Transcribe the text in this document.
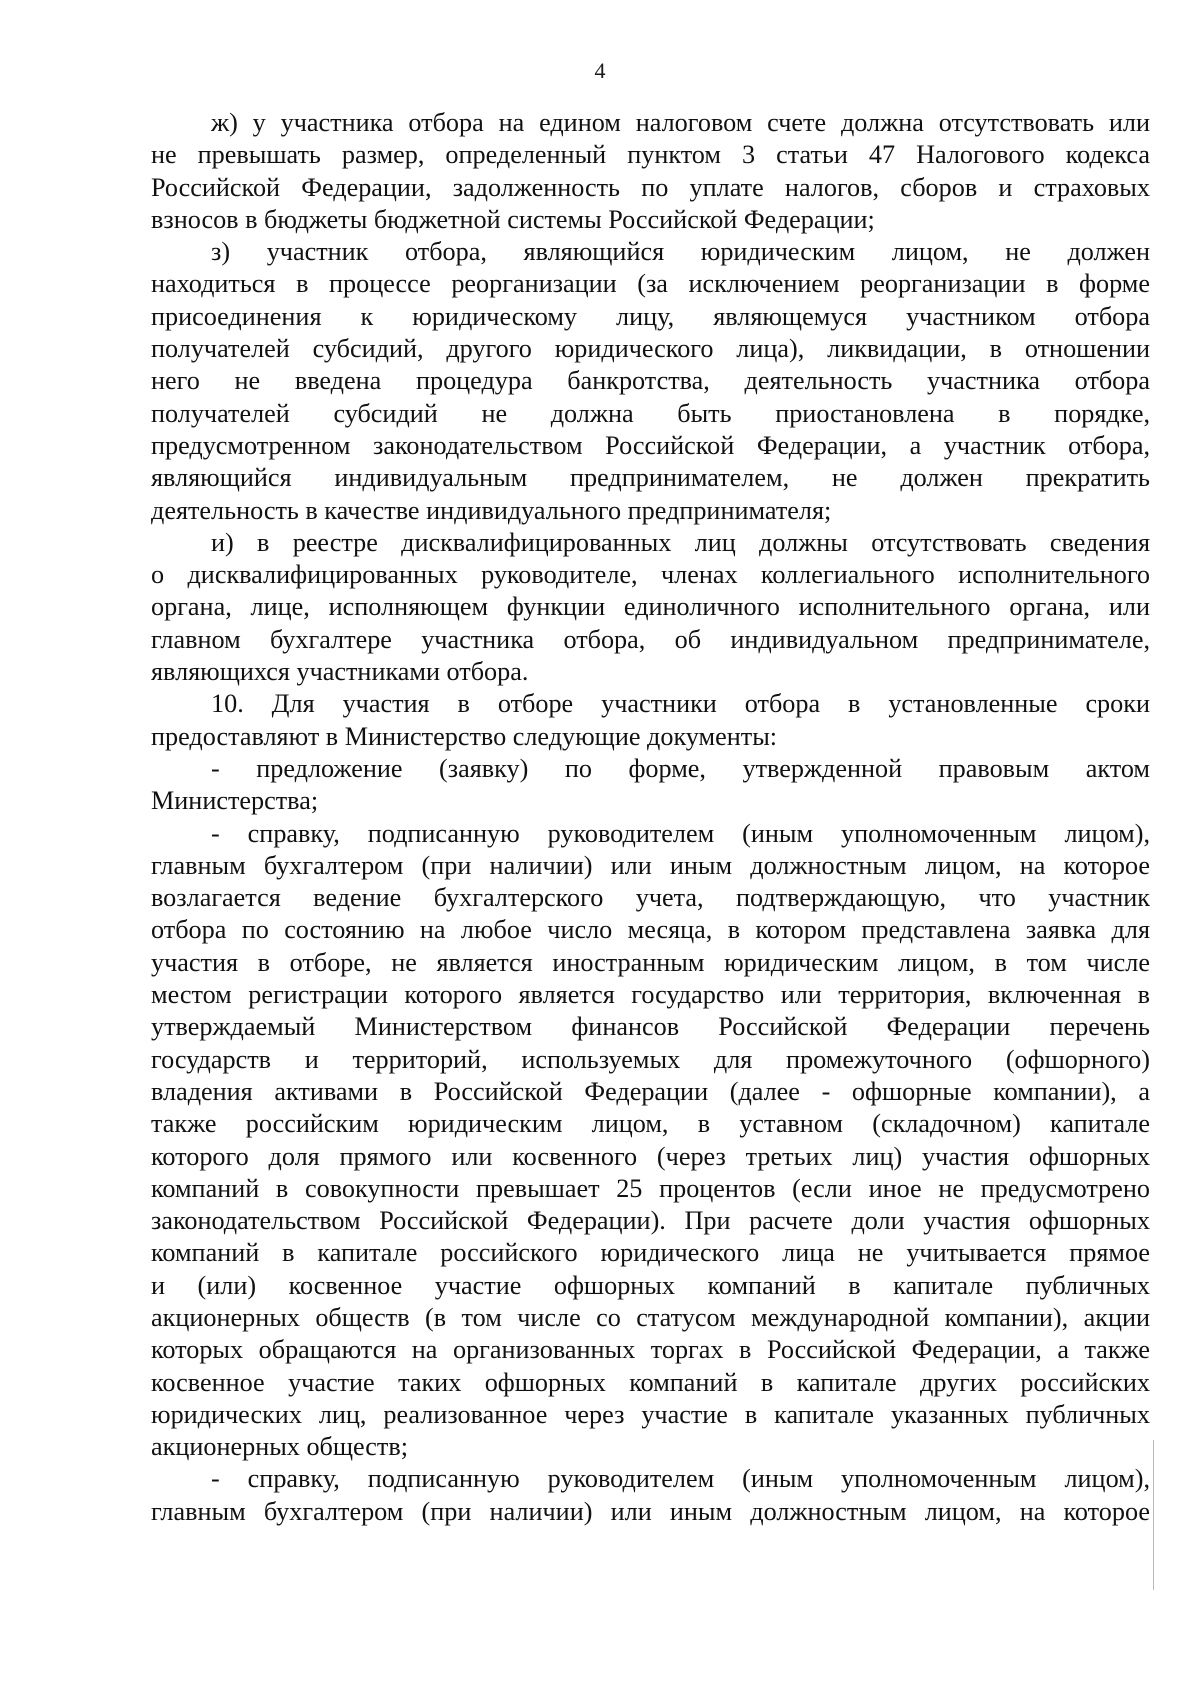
4
ж) у участника отбора на едином налоговом счете должна отсутствовать или
не превышать размер, определенный пунктом 3 статьи 47 Налогового кодекса
Российской Федерации, задолженность по уплате налогов, сборов и страховых
взносов в бюджеты бюджетной системы Российской Федерации;
з) участник отбора, являющийся юридическим лицом, не должен
находиться в процессе реорганизации (за исключением реорганизации в форме
присоединения к юридическому лицу, являющемуся участником отбора
получателей субсидий, другого юридического лица), ликвидации, в отношении
него не введена процедура банкротства, деятельность участника отбора
получателей субсидий не должна быть приостановлена в порядке,
предусмотренном законодательством Российской Федерации, а участник отбора,
являющийся индивидуальным предпринимателем, не должен прекратить
деятельность в качестве индивидуального предпринимателя;
и) в реестре дисквалифицированных лиц должны отсутствовать сведения
о дисквалифицированных руководителе, членах коллегиального исполнительного
органа, лице, исполняющем функции единоличного исполнительного органа, или
главном бухгалтере участника отбора, об индивидуальном предпринимателе,
являющихся участниками отбора.
10. Для участия в отборе участники отбора в установленные сроки
предоставляют в Министерство следующие документы:
- предложение (заявку) по форме, утвержденной правовым актом
Министерства;
- справку, подписанную руководителем (иным уполномоченным лицом),
главным бухгалтером (при наличии) или иным должностным лицом, на которое
возлагается ведение бухгалтерского учета, подтверждающую, что участник
отбора по состоянию на любое число месяца, в котором представлена заявка для
участия в отборе, не является иностранным юридическим лицом, в том числе
местом регистрации которого является государство или территория, включенная в
утверждаемый Министерством финансов Российской Федерации перечень
государств и территорий, используемых для промежуточного (офшорного)
владения активами в Российской Федерации (далее - офшорные компании), а
также российским юридическим лицом, в уставном (складочном) капитале
которого доля прямого или косвенного (через третьих лиц) участия офшорных
компаний в совокупности превышает 25 процентов (если иное не предусмотрено
законодательством Российской Федерации). При расчете доли участия офшорных
компаний в капитале российского юридического лица не учитывается прямое
и (или) косвенное участие офшорных компаний в капитале публичных
акционерных обществ (в том числе со статусом международной компании), акции
которых обращаются на организованных торгах в Российской Федерации, а также
косвенное участие таких офшорных компаний в капитале других российских
юридических лиц, реализованное через участие в капитале указанных публичных
акционерных обществ;
- справку, подписанную руководителем (иным уполномоченным лицом),
главным бухгалтером (при наличии) или иным должностным лицом, на которое
